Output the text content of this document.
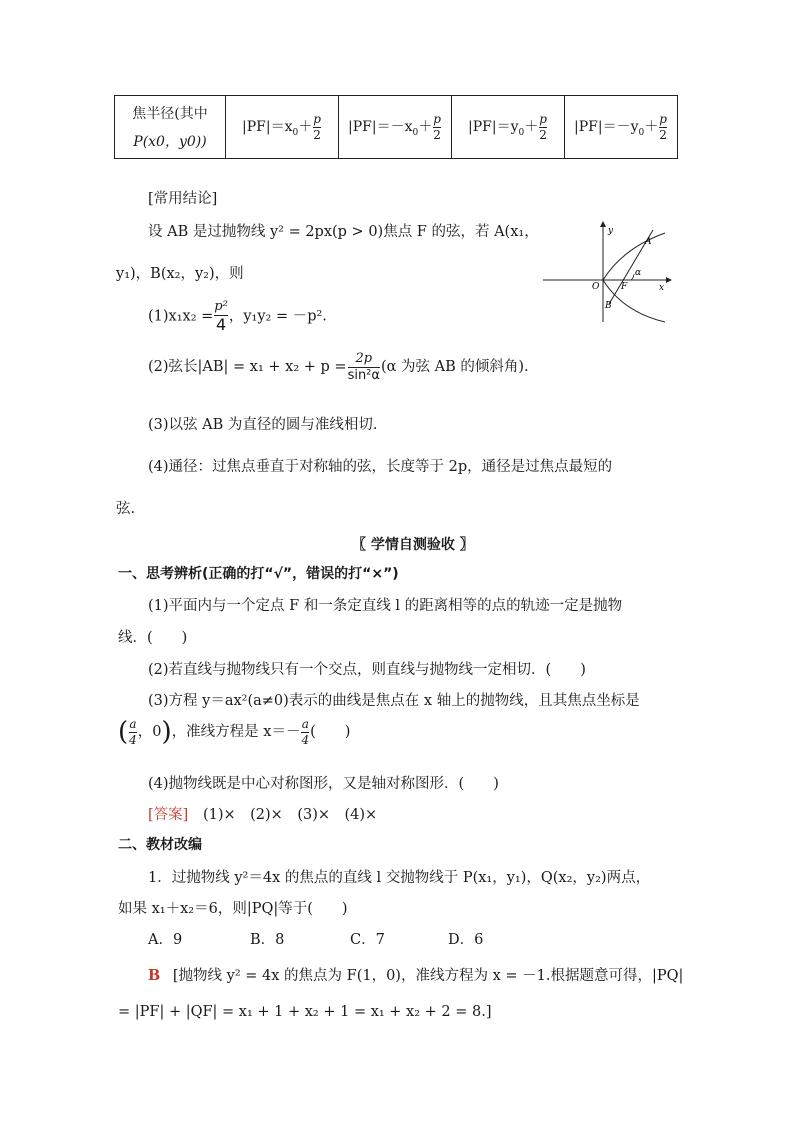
焦半径(其中
P(x0，y0))
	$|PF|=x_0+ \frac{p}{2}$	$|PF|=-x_0+ \frac{p}{2}$	$|PF|=y_0+ \frac{p}{2}$	$|PF|=-y_0+ \frac{p}{2}$
[常用结论]
设 AB 是过抛物线 y² = 2px(p > 0)焦点 F 的弦，若 A(x₁，
y₁)，B(x₂，y₂)，则
$(1)x_1x_2 = \frac{\text{p²}}{4}$ ，y₁y₂ = －p².
(2)弦长$|AB| = x_1 + x_2 + p = \frac{2p}{\text{sin²α}} (\alpha$ 为弦 AB 的倾斜角).
(3)以弦 AB 为直径的圆与准线相切.
(4)通径：过焦点垂直于对称轴的弦，长度等于 2p，通径是过焦点最短的
弦.
y
x
O F
A
B
α
〖 学情自测验收 〗
一、思考辨析(正确的打“√”，错误的打“×”)
(1)平面内与一个定点 F 和一条定直线 l 的距离相等的点的轨迹一定是抛物
线．(　　)
(2)若直线与抛物线只有一个交点，则直线与抛物线一定相切．(　　)
(3)方程 y＝ax²(a≠0)表示的曲线是焦点在 x 轴上的抛物线，且其焦点坐标是
( $\frac{a}{4}$ ，0)，准线方程是 $x=- \frac{a}{4}$ (　　)
(4)抛物线既是中心对称图形，又是轴对称图形．(　　)
[答案] (1)×　(2)×　(3)×　(4)×
二、教材改编
1．过抛物线 y²＝4x 的焦点的直线 l 交抛物线于 P(x₁，y₁)，Q(x₂，y₂)两点，
如果 x₁＋x₂＝6，则|PQ|等于(　　)
A．9	B．8	C．7	D．6
B [抛物线 y² = 4x 的焦点为 F(1，0)，准线方程为 x = －1.根据题意可得，|PQ|
= |PF| + |QF| = x₁ + 1 + x₂ + 1 = x₁ + x₂ + 2 = 8.]
